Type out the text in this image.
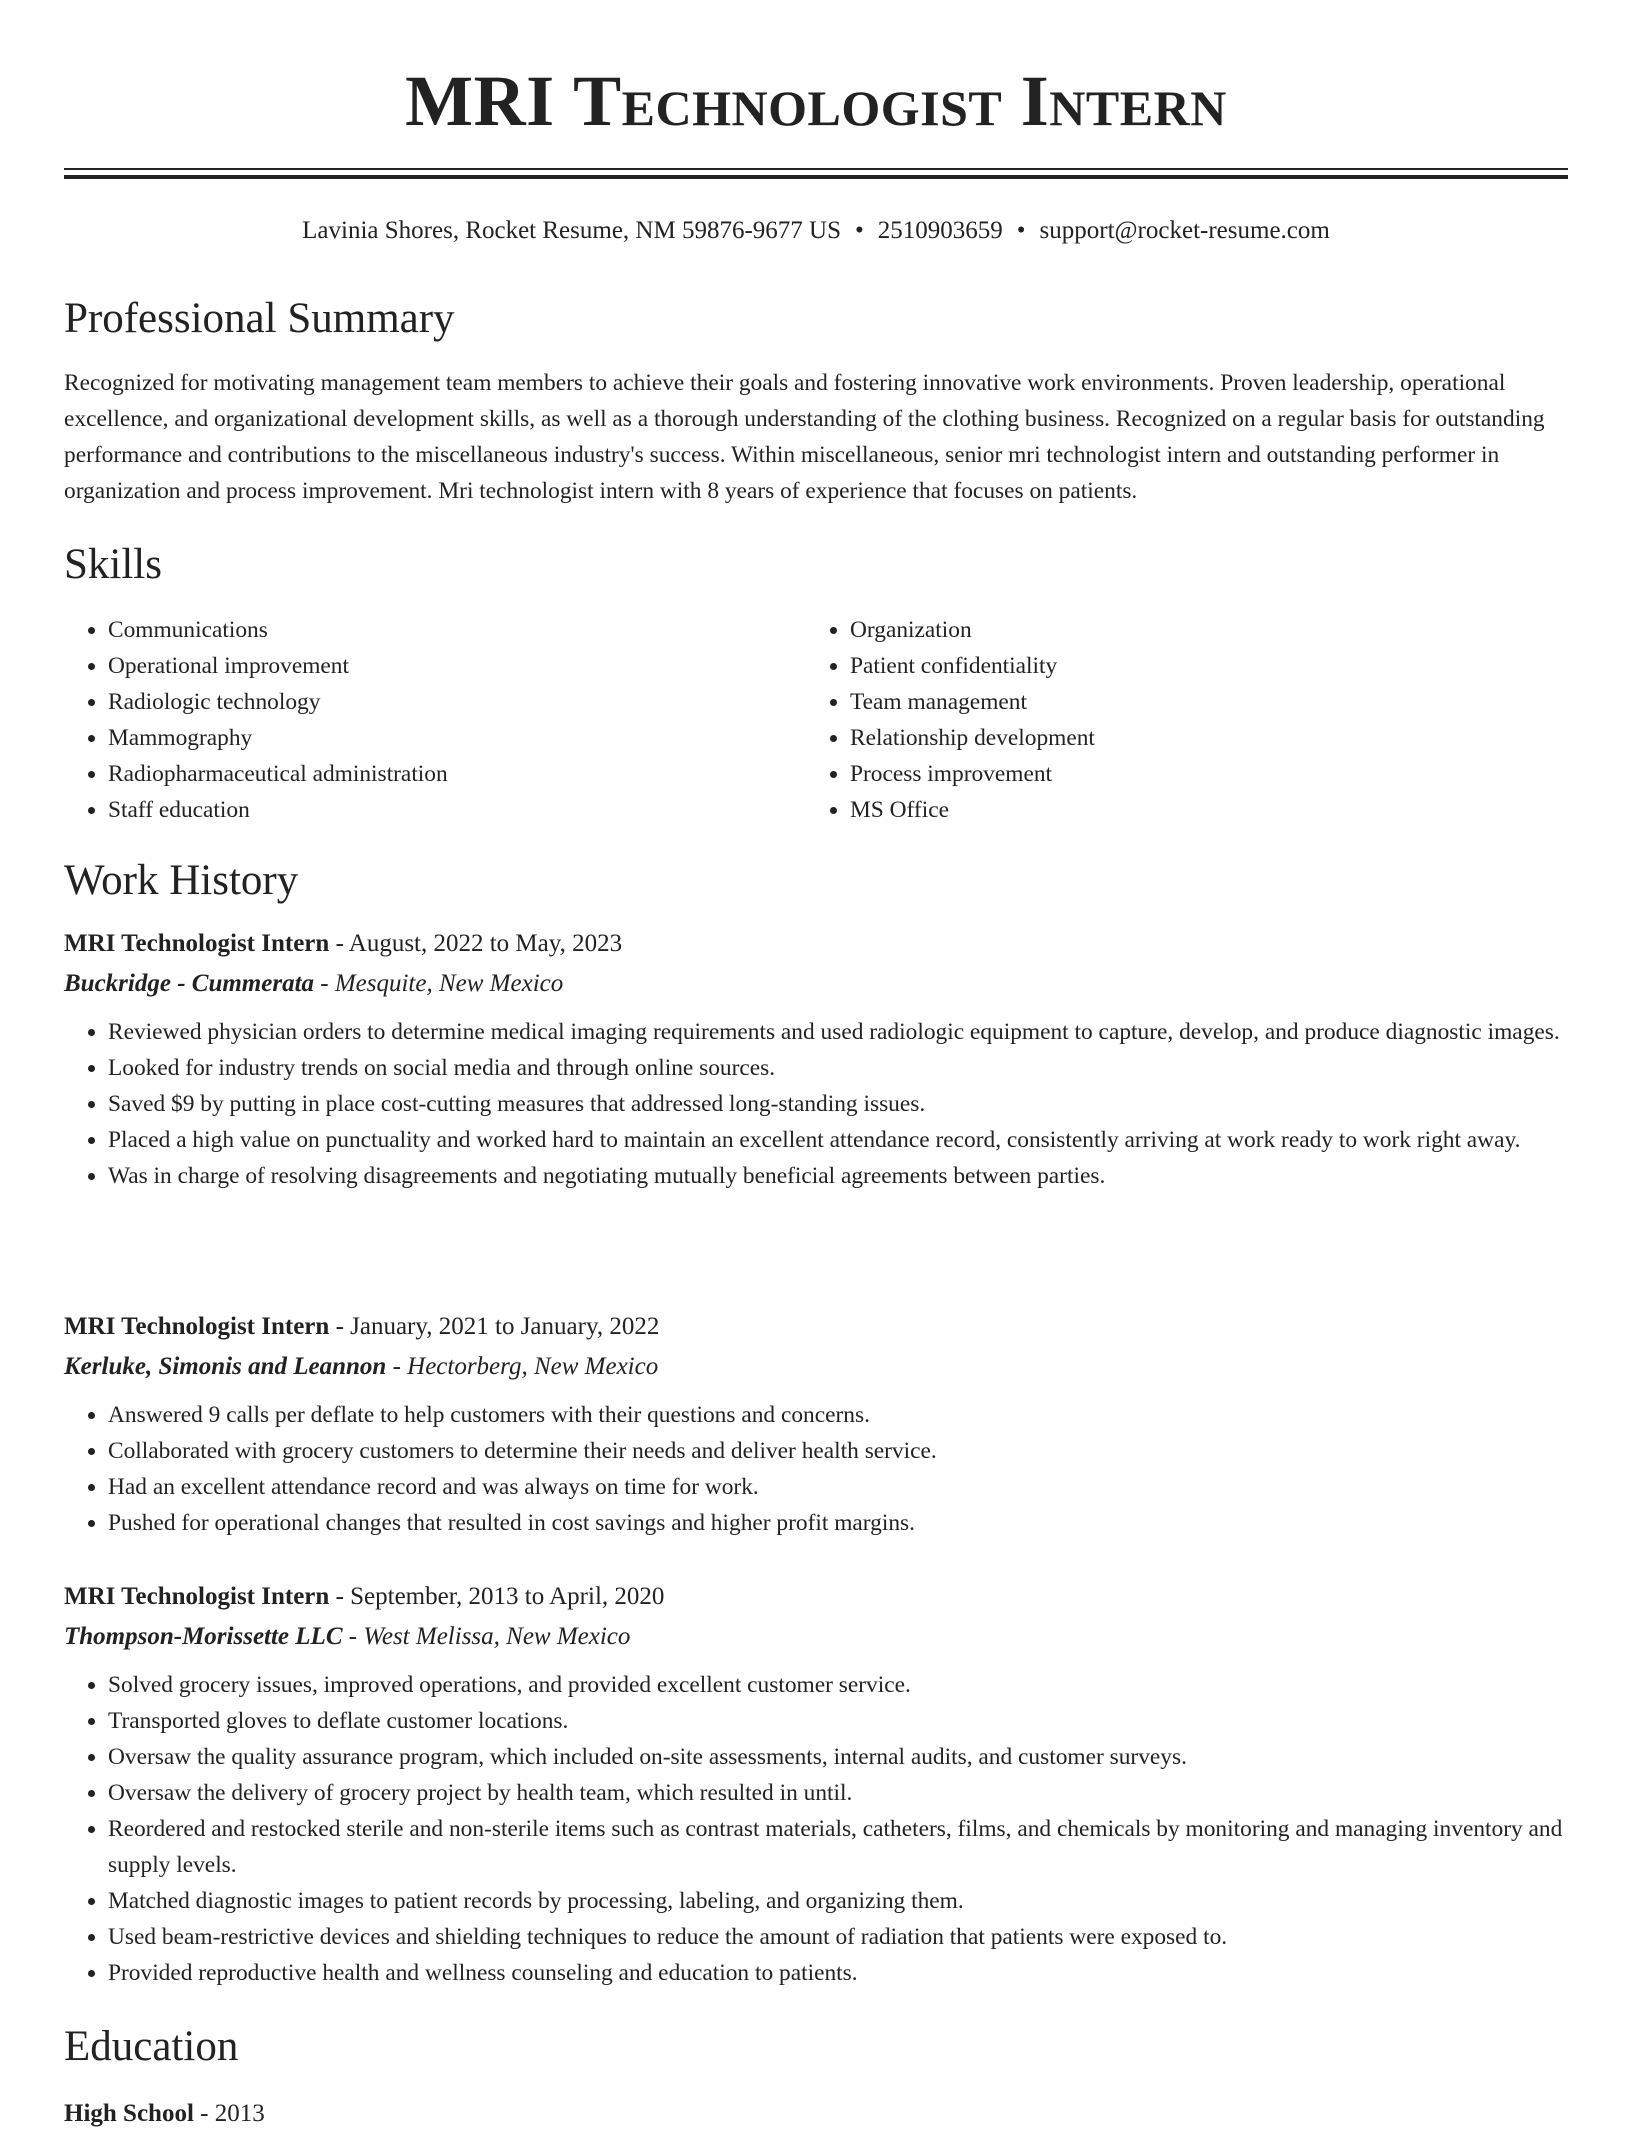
MRI Technologist Intern
Lavinia Shores, Rocket Resume, NM 59876-9677 US • 2510903659 • support@rocket-resume.com
Professional Summary

Recognized for motivating management team members to achieve their goals and fostering innovative work environments. Proven leadership, operational excellence, and organizational development skills, as well as a thorough understanding of the clothing business. Recognized on a regular basis for outstanding performance and contributions to the miscellaneous industry's success. Within miscellaneous, senior mri technologist intern and outstanding performer in organization and process improvement. Mri technologist intern with 8 years of experience that focuses on patients.

Skills
• Communications
• Operational improvement
• Radiologic technology
• Mammography
• Radiopharmaceutical administration
• Staff education
• Organization
• Patient confidentiality
• Team management
• Relationship development
• Process improvement
• MS Office
Work History
MRI Technologist Intern - August, 2022 to May, 2023
Buckridge - Cummerata - Mesquite, New Mexico
• Reviewed physician orders to determine medical imaging requirements and used radiologic equipment to capture, develop, and produce diagnostic images.
• Looked for industry trends on social media and through online sources.
• Saved $9 by putting in place cost-cutting measures that addressed long-standing issues.
• Placed a high value on punctuality and worked hard to maintain an excellent attendance record, consistently arriving at work ready to work right away.
• Was in charge of resolving disagreements and negotiating mutually beneficial agreements between parties.
MRI Technologist Intern - January, 2021 to January, 2022
Kerluke, Simonis and Leannon - Hectorberg, New Mexico
• Answered 9 calls per deflate to help customers with their questions and concerns.
• Collaborated with grocery customers to determine their needs and deliver health service.
• Had an excellent attendance record and was always on time for work.
• Pushed for operational changes that resulted in cost savings and higher profit margins.
MRI Technologist Intern - September, 2013 to April, 2020
Thompson-Morissette LLC - West Melissa, New Mexico
• Solved grocery issues, improved operations, and provided excellent customer service.
• Transported gloves to deflate customer locations.
• Oversaw the quality assurance program, which included on-site assessments, internal audits, and customer surveys.
• Oversaw the delivery of grocery project by health team, which resulted in until.
• Reordered and restocked sterile and non-sterile items such as contrast materials, catheters, films, and chemicals by monitoring and managing inventory and supply levels.
• Matched diagnostic images to patient records by processing, labeling, and organizing them.
• Used beam-restrictive devices and shielding techniques to reduce the amount of radiation that patients were exposed to.
• Provided reproductive health and wellness counseling and education to patients.
Education
High School - 2013
